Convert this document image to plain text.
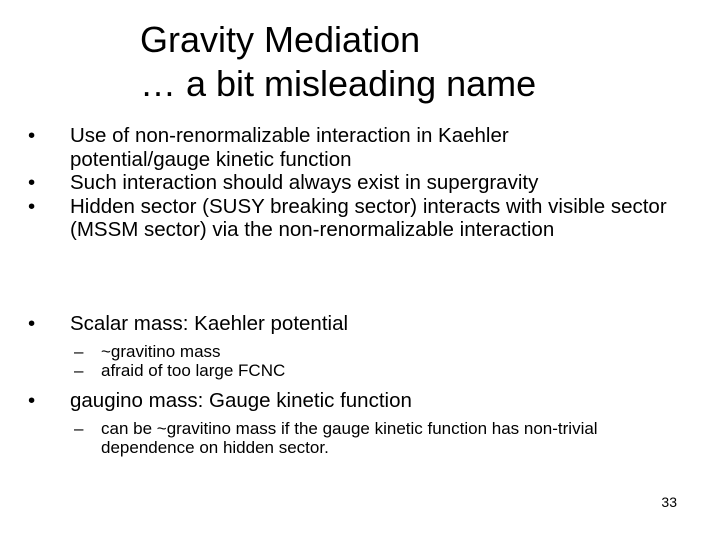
Gravity Mediation
… a bit misleading name
• Use of non-renormalizable interaction in Kaehler potential/gauge kinetic function
• Such interaction should always exist in supergravity
• Hidden sector (SUSY breaking sector) interacts with visible sector (MSSM sector) via the non-renormalizable interaction
• Scalar mass: Kaehler potential
– ~gravitino mass
– afraid of too large FCNC
• gaugino mass: Gauge kinetic function
– can be ~gravitino mass if the gauge kinetic function has non-trivial dependence on hidden sector.
33
